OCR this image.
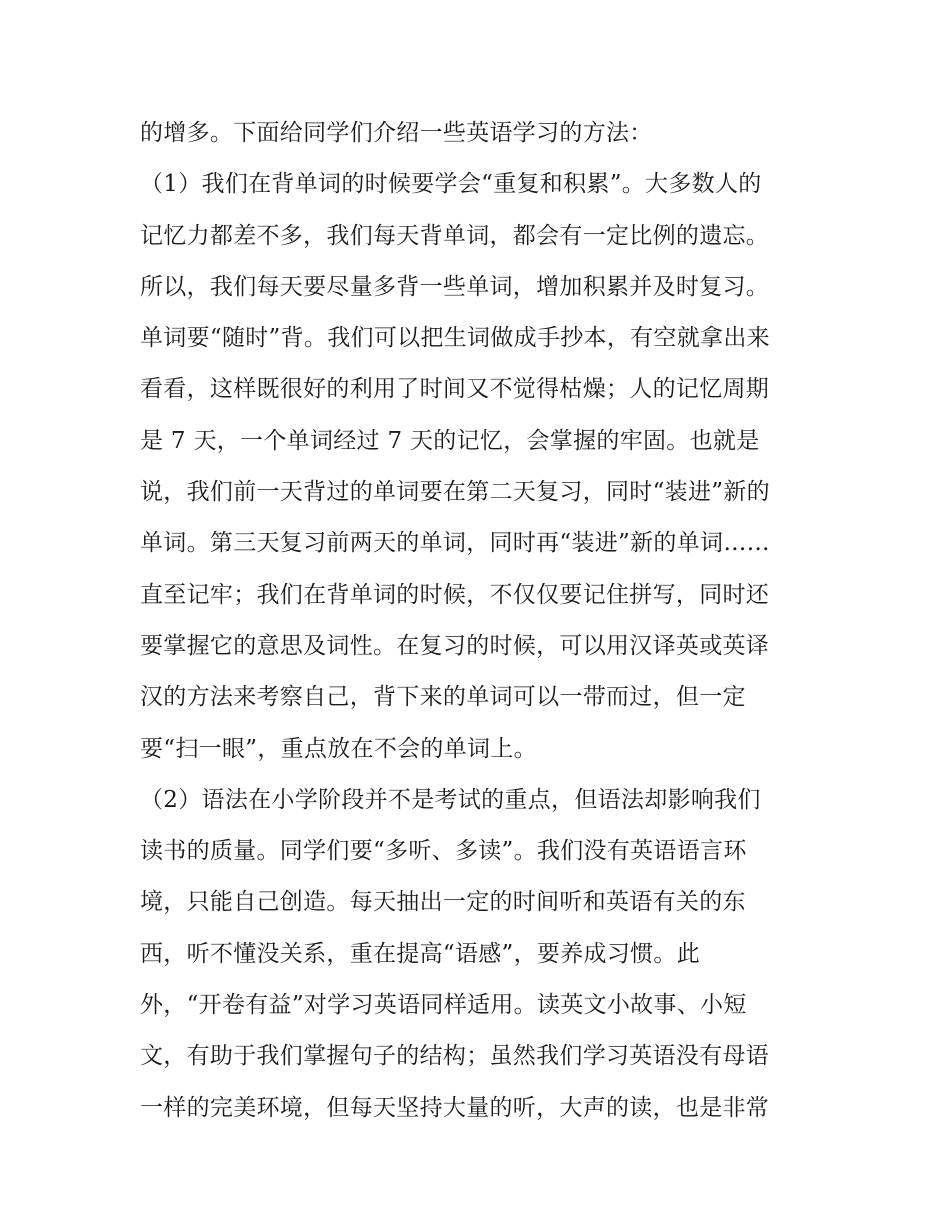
的增多。下面给同学们介绍一些英语学习的方法：
（1）我们在背单词的时候要学会“重复和积累”。大多数人的
记忆力都差不多，我们每天背单词，都会有一定比例的遗忘。
所以，我们每天要尽量多背一些单词，增加积累并及时复习。
单词要“随时”背。我们可以把生词做成手抄本，有空就拿出来
看看，这样既很好的利用了时间又不觉得枯燥；人的记忆周期
是 7 天，一个单词经过 7 天的记忆，会掌握的牢固。也就是
说，我们前一天背过的单词要在第二天复习，同时“装进”新的
单词。第三天复习前两天的单词，同时再“装进”新的单词……
直至记牢；我们在背单词的时候，不仅仅要记住拼写，同时还
要掌握它的意思及词性。在复习的时候，可以用汉译英或英译
汉的方法来考察自己，背下来的单词可以一带而过，但一定
要“扫一眼”，重点放在不会的单词上。
（2）语法在小学阶段并不是考试的重点，但语法却影响我们
读书的质量。同学们要“多听、多读”。我们没有英语语言环
境，只能自己创造。每天抽出一定的时间听和英语有关的东
西，听不懂没关系，重在提高“语感”，要养成习惯。此
外，“开卷有益”对学习英语同样适用。读英文小故事、小短
文，有助于我们掌握句子的结构；虽然我们学习英语没有母语
一样的完美环境，但每天坚持大量的听，大声的读，也是非常
